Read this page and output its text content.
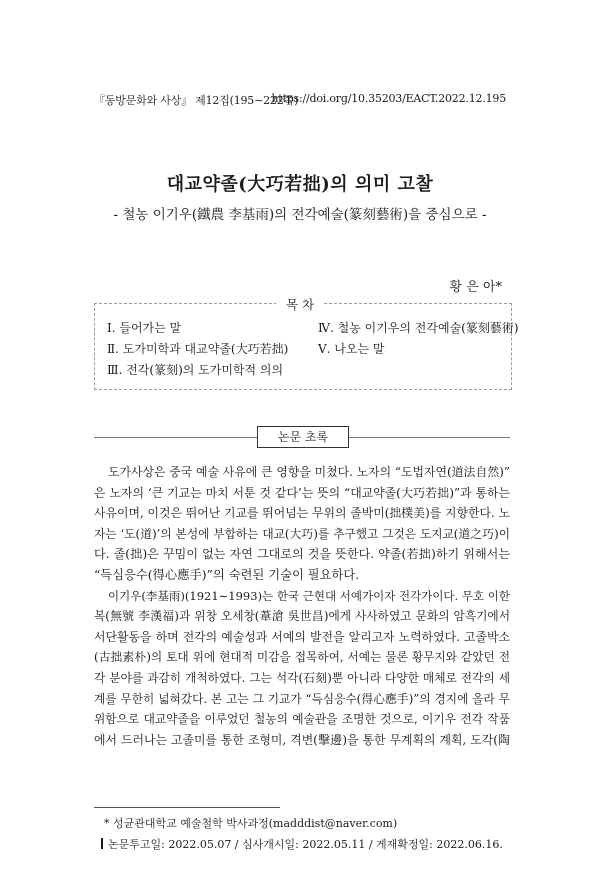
『동방문화와 사상』 제12집(195∼222쪽)
https://doi.org/10.35203/EACT.2022.12.195
대교약졸(大巧若拙)의 의미 고찰
- 철농 이기우(鐵農 李基雨)의 전각예술(篆刻藝術)을 중심으로 -
황 은 아*
목 차
Ⅰ. 들어가는 말
Ⅱ. 도가미학과 대교약졸(大巧若拙)
Ⅲ. 전각(篆刻)의 도가미학적 의의
Ⅳ. 철농 이기우의 전각예술(篆刻藝術)
Ⅴ. 나오는 말
논문 초록

도가사상은 중국 예술 사유에 큰 영향을 미쳤다. 노자의 “도법자연(道法自然)”
은 노자의 ‘큰 기교는 마치 서툰 것 같다’는 뜻의 “대교약졸(大巧若拙)”과 통하는
사유이며, 이것은 뛰어난 기교를 뛰어넘는 무위의 졸박미(拙樸美)를 지향한다. 노
자는 ‘도(道)’의 본성에 부합하는 대교(大巧)를 추구했고 그것은 도지교(道之巧)이
다. 졸(拙)은 꾸밈이 없는 자연 그대로의 것을 뜻한다. 약졸(若拙)하기 위해서는
“득심응수(得心應手)”의 숙련된 기술이 필요하다.

이기우(李基雨)(1921∼1993)는 한국 근현대 서예가이자 전각가이다. 무호 이한
복(無號 李漢福)과 위창 오세창(葦滄 吳世昌)에게 사사하였고 문화의 암흑기에서
서단활동을 하며 전각의 예술성과 서예의 발전을 알리고자 노력하였다. 고졸박소
(古拙素朴)의 토대 위에 현대적 미감을 접목하여, 서예는 물론 황무지와 같았던 전
각 분야를 과감히 개척하였다. 그는 석각(石刻)뿐 아니라 다양한 매체로 전각의 세
계를 무한히 넓혀갔다. 본 고는 그 기교가 “득심응수(得心應手)”의 경지에 올라 무
위함으로 대교약졸을 이루었던 철농의 예술관을 조명한 것으로, 이기우 전각 작품
에서 드러나는 고졸미를 통한 조형미, 격변(擊邊)을 통한 무계획의 계획, 도각(陶

* 성균관대학교 예술철학 박사과정(madddist@naver.com)
논문투고일: 2022.05.07 / 심사개시일: 2022.05.11 / 게재확정일: 2022.06.16.
